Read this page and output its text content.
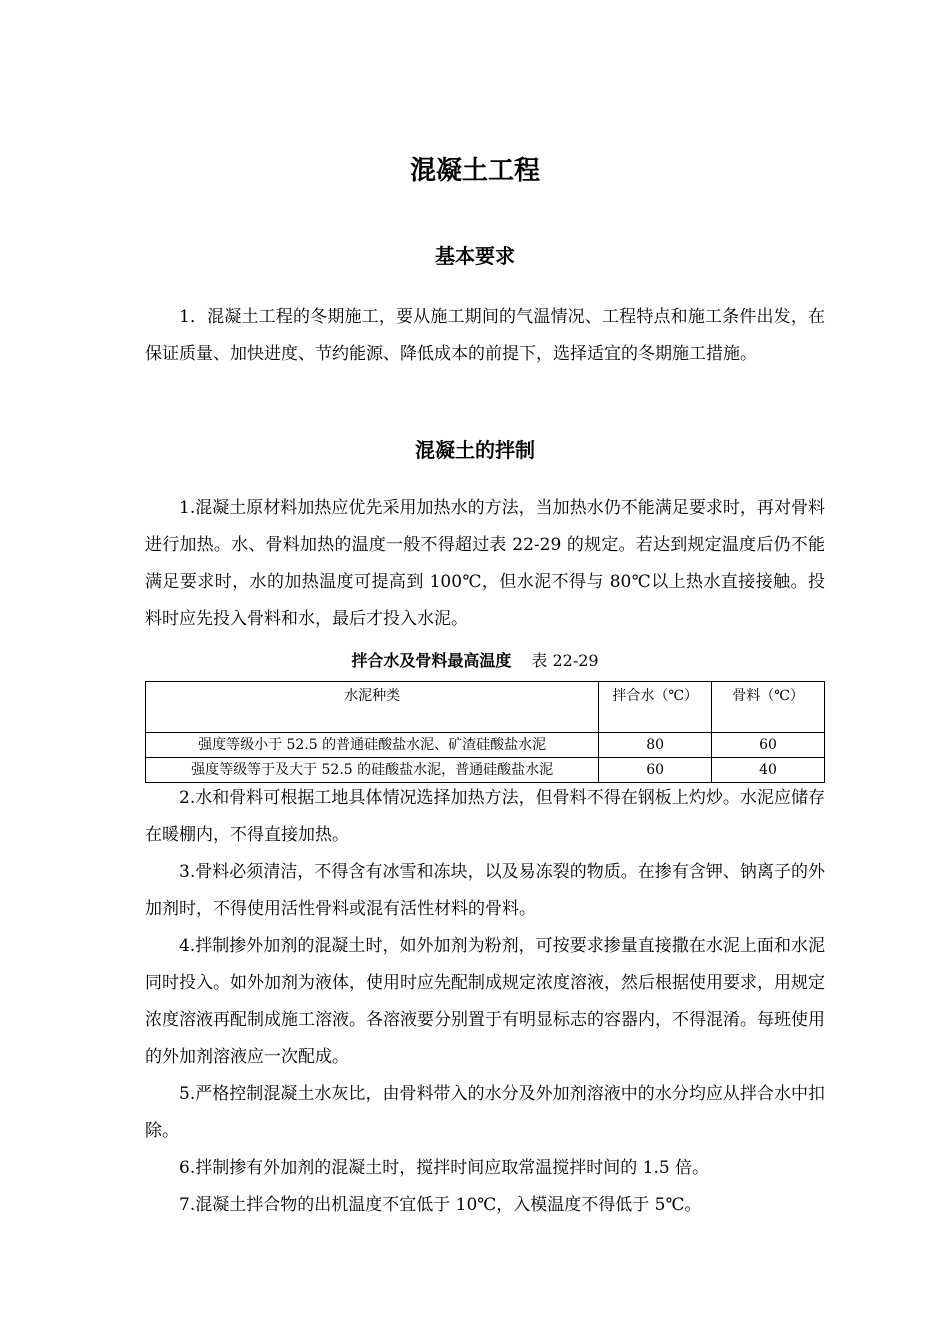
混凝土工程
基本要求

1．混凝土工程的冬期施工，要从施工期间的气温情况、工程特点和施工条件出发，在保证质量、加快进度、节约能源、降低成本的前提下，选择适宜的冬期施工措施。

混凝土的拌制

1.混凝土原材料加热应优先采用加热水的方法，当加热水仍不能满足要求时，再对骨料进行加热。水、骨料加热的温度一般不得超过表 22-29 的规定。若达到规定温度后仍不能满足要求时，水的加热温度可提高到 100℃，但水泥不得与 80℃以上热水直接接触。投料时应先投入骨料和水，最后才投入水泥。

拌合水及骨料最高温度 表 22-29
水泥种类	拌合水（℃）	骨料（℃）
强度等级小于 52.5 的普通硅酸盐水泥、矿渣硅酸盐水泥	80	60
强度等级等于及大于 52.5 的硅酸盐水泥，普通硅酸盐水泥	60	40

2.水和骨料可根据工地具体情况选择加热方法，但骨料不得在钢板上灼炒。水泥应储存在暖棚内，不得直接加热。

3.骨料必须清洁，不得含有冰雪和冻块，以及易冻裂的物质。在掺有含钾、钠离子的外加剂时，不得使用活性骨料或混有活性材料的骨料。

4.拌制掺外加剂的混凝土时，如外加剂为粉剂，可按要求掺量直接撒在水泥上面和水泥同时投入。如外加剂为液体，使用时应先配制成规定浓度溶液，然后根据使用要求，用规定浓度溶液再配制成施工溶液。各溶液要分别置于有明显标志的容器内，不得混淆。每班使用的外加剂溶液应一次配成。

5.严格控制混凝土水灰比，由骨料带入的水分及外加剂溶液中的水分均应从拌合水中扣除。

6.拌制掺有外加剂的混凝土时，搅拌时间应取常温搅拌时间的 1.5 倍。

7.混凝土拌合物的出机温度不宜低于 10℃，入模温度不得低于 5℃。
